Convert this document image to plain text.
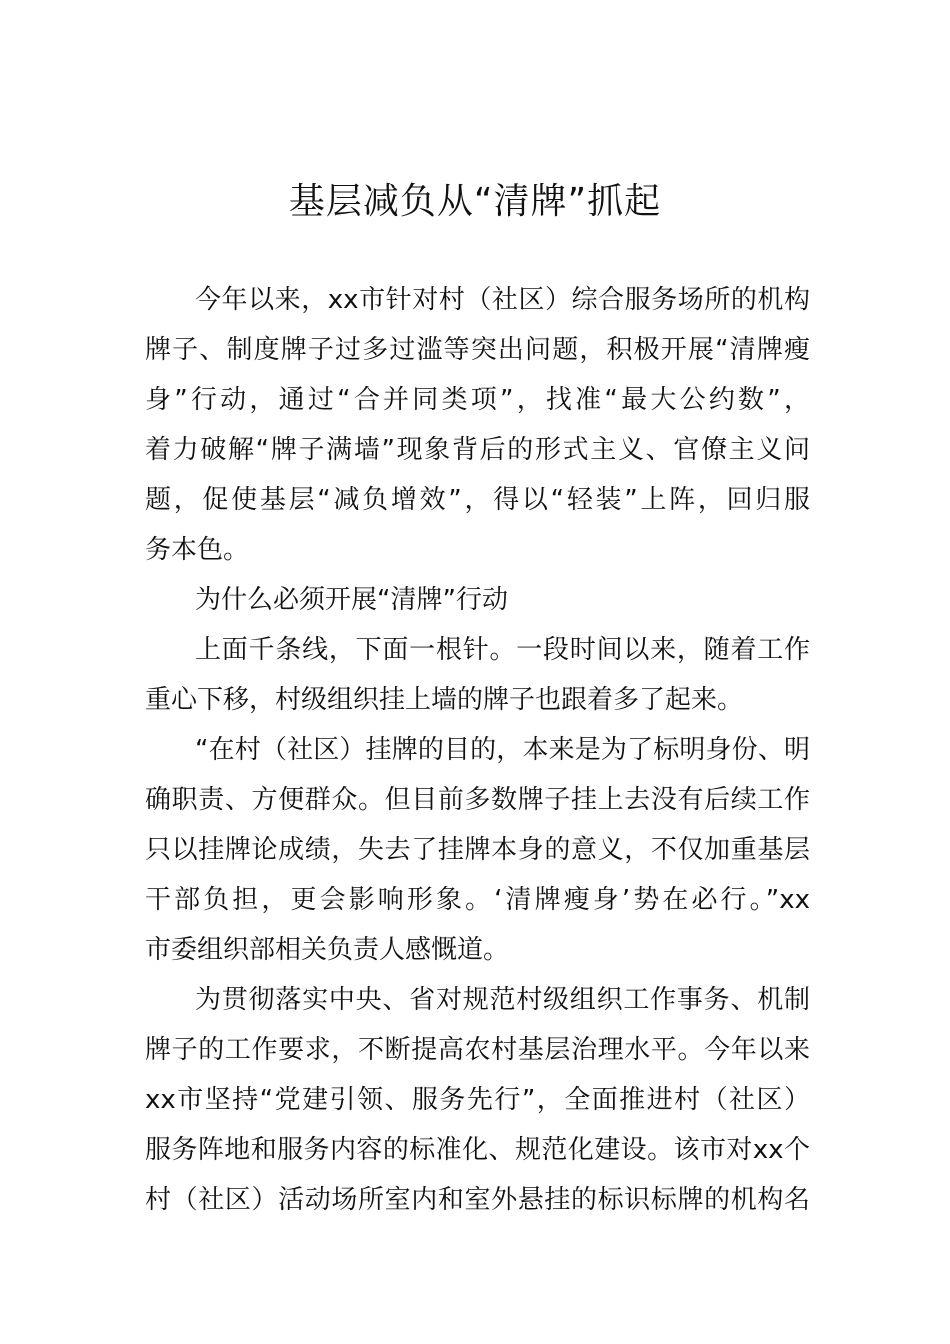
基层减负从“清牌”抓起
今年以来，xx市针对村（社区）综合服务场所的机构
牌子、制度牌子过多过滥等突出问题，积极开展“清牌瘦
身”行动，通过“合并同类项”，找准“最大公约数”，
着力破解“牌子满墙”现象背后的形式主义、官僚主义问
题，促使基层“减负增效”，得以“轻装”上阵，回归服
务本色。
为什么必须开展“清牌”行动
上面千条线，下面一根针。一段时间以来，随着工作
重心下移，村级组织挂上墙的牌子也跟着多了起来。
“在村（社区）挂牌的目的，本来是为了标明身份、明
确职责、方便群众。但目前多数牌子挂上去没有后续工作
只以挂牌论成绩，失去了挂牌本身的意义，不仅加重基层
干部负担，更会影响形象。‘清牌瘦身’势在必行。”xx
市委组织部相关负责人感慨道。
为贯彻落实中央、省对规范村级组织工作事务、机制
牌子的工作要求，不断提高农村基层治理水平。今年以来
xx市坚持“党建引领、服务先行”，全面推进村（社区）
服务阵地和服务内容的标准化、规范化建设。该市对xx个
村（社区）活动场所室内和室外悬挂的标识标牌的机构名
